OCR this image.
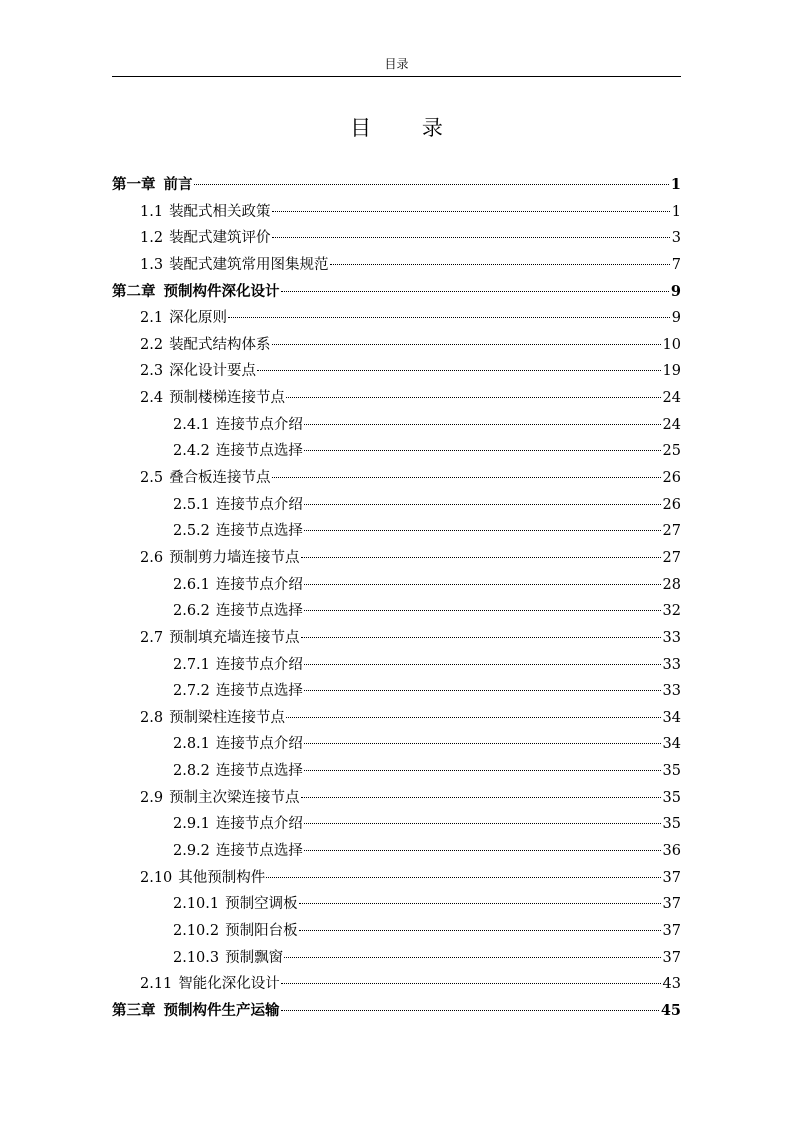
目录
目 录
第一章 前言	1
1.1 装配式相关政策	1
1.2 装配式建筑评价	3
1.3 装配式建筑常用图集规范	7
第二章 预制构件深化设计	9
2.1 深化原则	9
2.2 装配式结构体系	10
2.3 深化设计要点	19
2.4 预制楼梯连接节点	24
2.4.1 连接节点介绍	24
2.4.2 连接节点选择	25
2.5 叠合板连接节点	26
2.5.1 连接节点介绍	26
2.5.2 连接节点选择	27
2.6 预制剪力墙连接节点	27
2.6.1 连接节点介绍	28
2.6.2 连接节点选择	32
2.7 预制填充墙连接节点	33
2.7.1 连接节点介绍	33
2.7.2 连接节点选择	33
2.8 预制梁柱连接节点	34
2.8.1 连接节点介绍	34
2.8.2 连接节点选择	35
2.9 预制主次梁连接节点	35
2.9.1 连接节点介绍	35
2.9.2 连接节点选择	36
2.10 其他预制构件	37
2.10.1 预制空调板	37
2.10.2 预制阳台板	37
2.10.3 预制飘窗	37
2.11 智能化深化设计	43
第三章 预制构件生产运输	45
